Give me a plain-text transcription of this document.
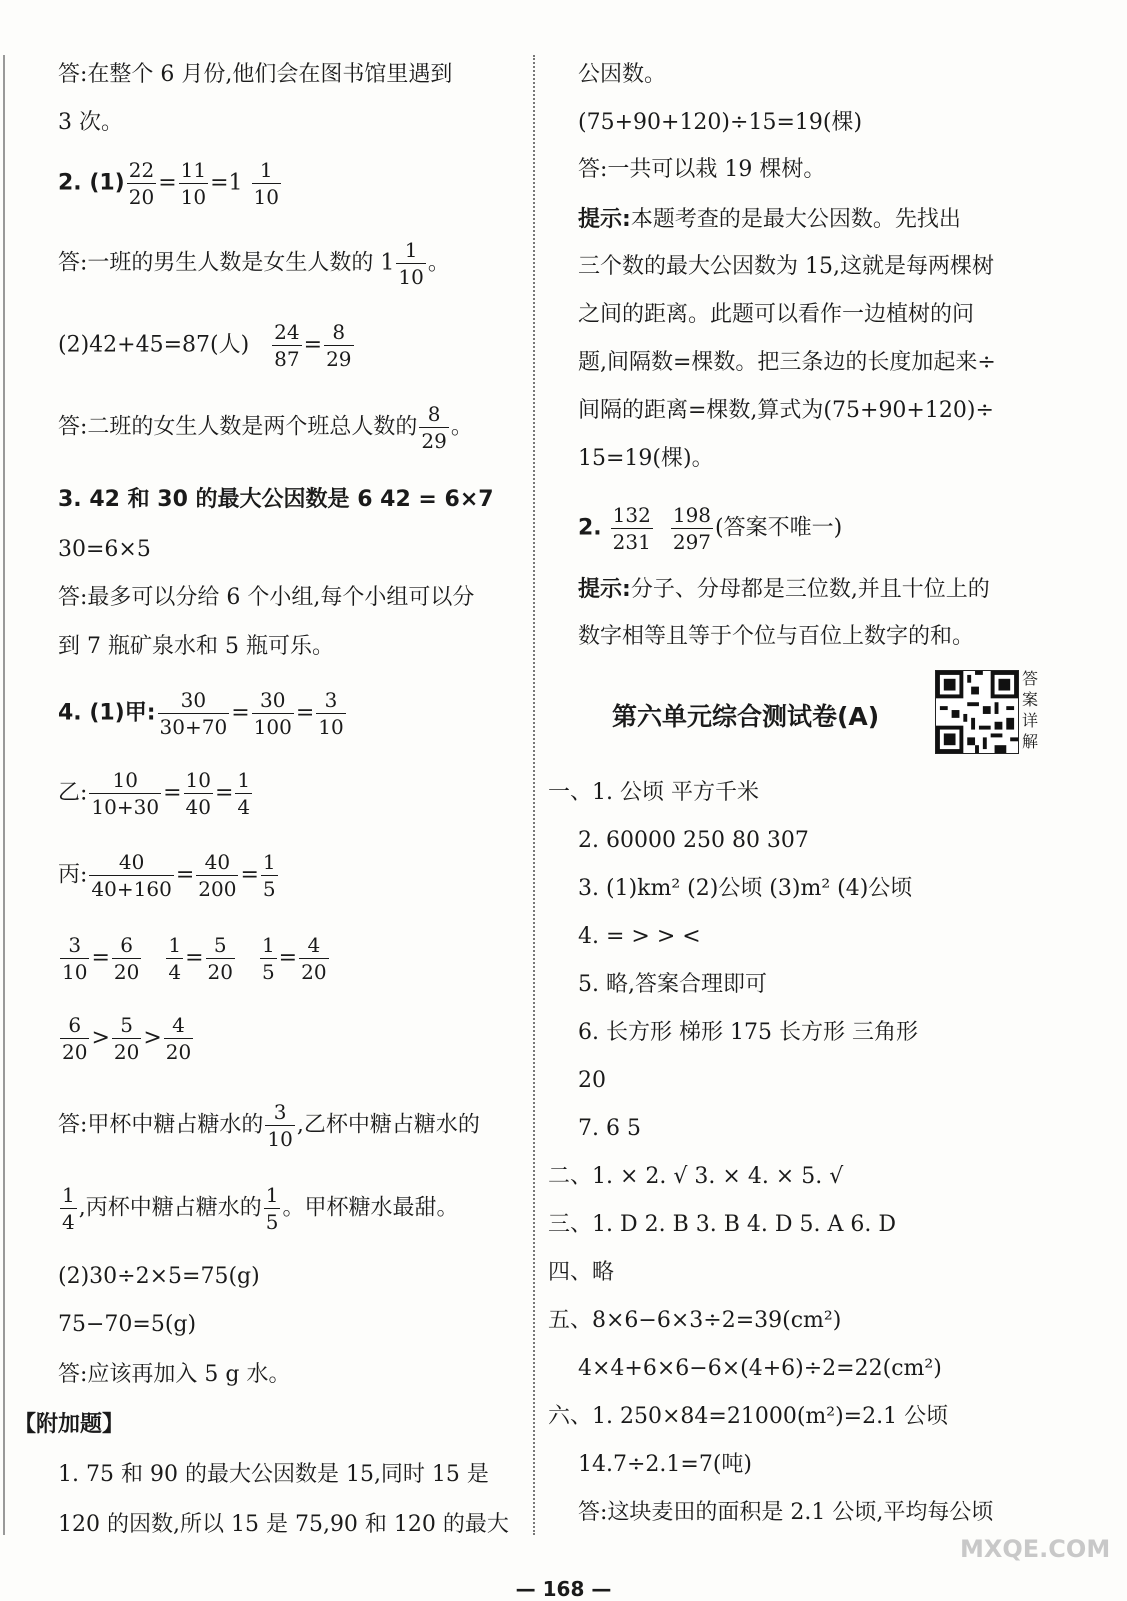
答:在整个 6 月份,他们会在图书馆里遇到
3 次。
2. $(1) \frac{22}{20} = \frac{11}{10} =1 \frac{1}{10}$
答:一班的男生人数是女生人数的 $1 \frac{1}{10}$ 。
(2)42+45=87(人) $\frac{24}{87} = \frac{8}{29}$
答:二班的女生人数是两个班总人数的 $\frac{8}{29}$ 。
3. 42 和 30 的最大公因数是 6 42 = 6×7
30=6×5
答:最多可以分给 6 个小组,每个小组可以分
到 7 瓶矿泉水和 5 瓶可乐。
4. (1)甲: $\frac{30}{30+70} = \frac{30}{100} = \frac{3}{10}$
乙: $\frac{10}{10+30} = \frac{10}{40} = \frac{1}{4}$
丙: $\frac{40}{40+160} = \frac{40}{200} = \frac{1}{5}$
$\frac{3}{10} = \frac{6}{20}$
$\frac{1}{4} = \frac{5}{20}$
$\frac{1}{5} = \frac{4}{20}$
$\frac{6}{20} > \frac{5}{20} > \frac{4}{20}$
答:甲杯中糖占糖水的 $\frac{3}{10}$ ,乙杯中糖占糖水的
$\frac{1}{4}$ ,丙杯中糖占糖水的 $\frac{1}{5}$ 。甲杯糖水最甜。
(2)30÷2×5=75(g)
75−70=5(g)
答:应该再加入 5 g 水。
【附加题】
1. 75 和 90 的最大公因数是 15,同时 15 是
120 的因数,所以 15 是 75,90 和 120 的最大
公因数。
(75+90+120)÷15=19(棵)
答:一共可以栽 19 棵树。
提示:本题考查的是最大公因数。先找出
三个数的最大公因数为 15,这就是每两棵树
之间的距离。此题可以看作一边植树的问
题,间隔数=棵数。把三条边的长度加起来÷
间隔的距离=棵数,算式为(75+90+120)÷
15=19(棵)。
2. $\frac{132}{231}$
$\frac{198}{297}$ (答案不唯一)
提示:分子、分母都是三位数,并且十位上的
数字相等且等于个位与百位上数字的和。
第六单元综合测试卷(A)
一、1. 公顷 平方千米
2. 60000 250 80 307
3. (1)km² (2)公顷 (3)m² (4)公顷
4. = > > <
5. 略,答案合理即可
6. 长方形 梯形 175 长方形 三角形
20
7. 6 5
二、1. × 2. √ 3. × 4. × 5. √
三、1. D 2. B 3. B 4. D 5. A 6. D
四、略
五、8×6−6×3÷2=39(cm²)
4×4+6×6−6×(4+6)÷2=22(cm²)
六、1. 250×84=21000(m²)=2.1 公顷
14.7÷2.1=7(吨)
答:这块麦田的面积是 2.1 公顷,平均每公顷
答案详解
— 168 —
MXQE.COM
